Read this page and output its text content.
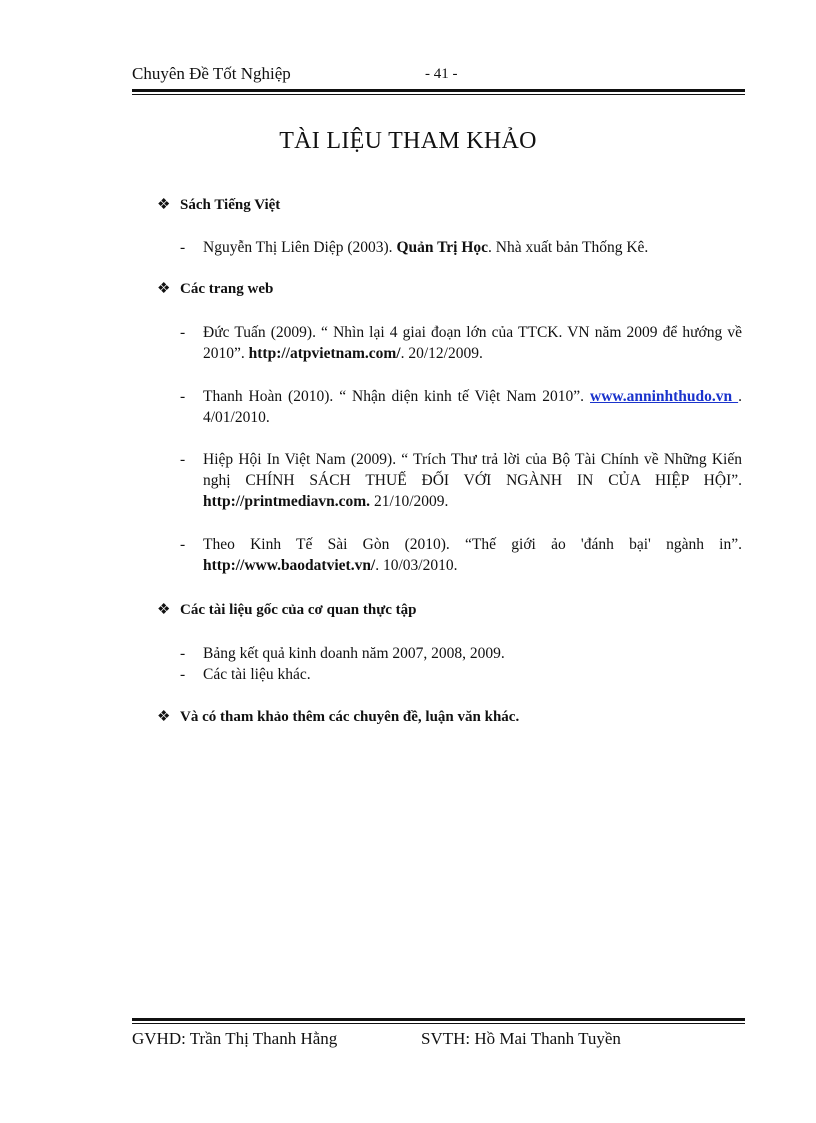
Chuyên Đề Tốt Nghiệp	- 41 -
TÀI LIỆU THAM KHẢO
❖ Sách Tiếng Việt
- Nguyễn Thị Liên Diệp (2003). Quản Trị Học. Nhà xuất bản Thống Kê.
❖ Các trang web
- Đức Tuấn (2009). “ Nhìn lại 4 giai đoạn lớn của TTCK. VN năm 2009 để hướng về 2010”. http://atpvietnam.com/. 20/12/2009.
- Thanh Hoàn (2010). “ Nhận diện kinh tế Việt Nam 2010”. www.anninhthudo.vn . 4/01/2010.
- Hiệp Hội In Việt Nam (2009). “ Trích Thư trả lời của Bộ Tài Chính về Những Kiến nghị CHÍNH SÁCH THUẾ ĐỐI VỚI NGÀNH IN CỦA HIỆP HỘI”. http://printmediavn.com. 21/10/2009.
- Theo Kinh Tế Sài Gòn (2010). “Thế giới ảo 'đánh bại' ngành in”. http://www.baodatviet.vn/. 10/03/2010.
❖ Các tài liệu gốc của cơ quan thực tập
- Bảng kết quả kinh doanh năm 2007, 2008, 2009.
- Các tài liệu khác.
❖ Và có tham khảo thêm các chuyên đề, luận văn khác.
GVHD: Trần Thị Thanh Hằng	SVTH: Hồ Mai Thanh Tuyền
